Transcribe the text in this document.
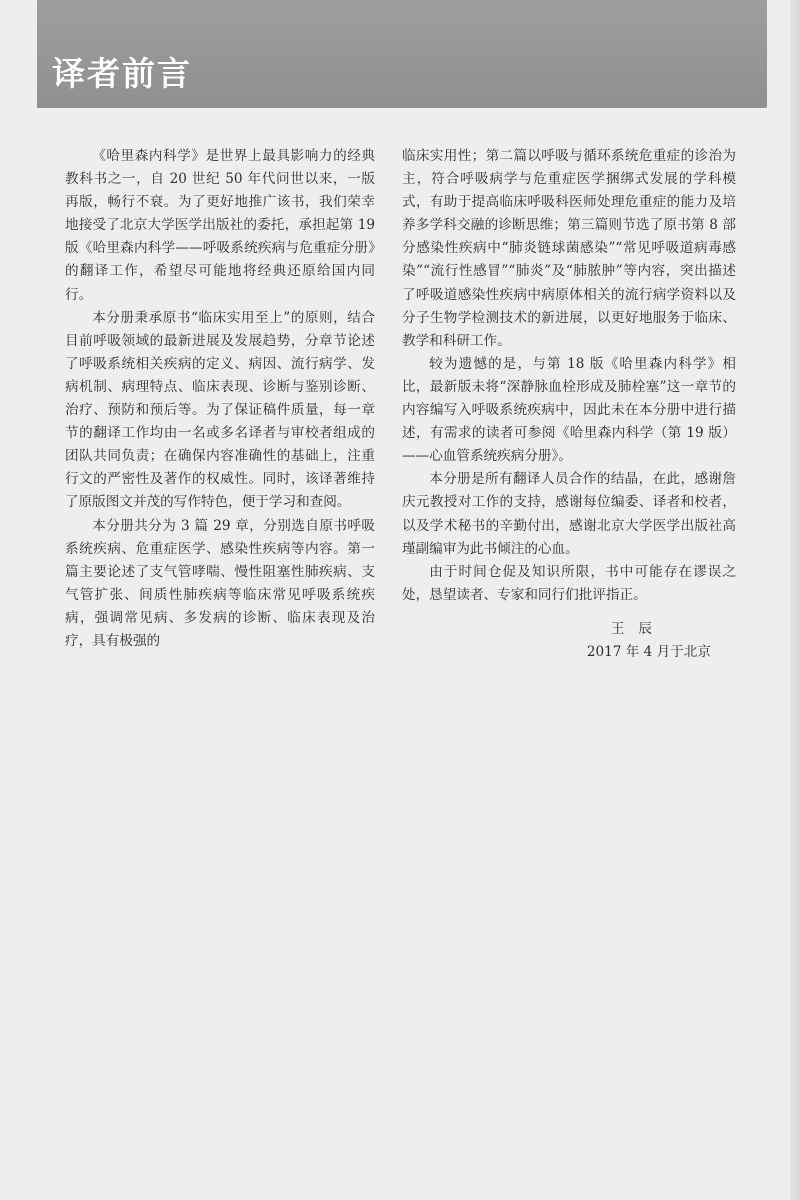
译者前言

《哈里森内科学》是世界上最具影响力的经典教科书之一，自 20 世纪 50 年代问世以来，一版再版，畅行不衰。为了更好地推广该书，我们荣幸地接受了北京大学医学出版社的委托，承担起第 19 版《哈里森内科学——呼吸系统疾病与危重症分册》的翻译工作，希望尽可能地将经典还原给国内同行。

本分册秉承原书“临床实用至上”的原则，结合目前呼吸领域的最新进展及发展趋势，分章节论述了呼吸系统相关疾病的定义、病因、流行病学、发病机制、病理特点、临床表现、诊断与鉴别诊断、治疗、预防和预后等。为了保证稿件质量，每一章节的翻译工作均由一名或多名译者与审校者组成的团队共同负责；在确保内容准确性的基础上，注重行文的严密性及著作的权威性。同时，该译著维持了原版图文并茂的写作特色，便于学习和查阅。

本分册共分为 3 篇 29 章，分别选自原书呼吸系统疾病、危重症医学、感染性疾病等内容。第一篇主要论述了支气管哮喘、慢性阻塞性肺疾病、支气管扩张、间质性肺疾病等临床常见呼吸系统疾病，强调常见病、多发病的诊断、临床表现及治疗，具有极强的

临床实用性；第二篇以呼吸与循环系统危重症的诊治为主，符合呼吸病学与危重症医学捆绑式发展的学科模式，有助于提高临床呼吸科医师处理危重症的能力及培养多学科交融的诊断思维；第三篇则节选了原书第 8 部分感染性疾病中“肺炎链球菌感染”“常见呼吸道病毒感染”“流行性感冒”“肺炎”及“肺脓肿”等内容，突出描述了呼吸道感染性疾病中病原体相关的流行病学资料以及分子生物学检测技术的新进展，以更好地服务于临床、教学和科研工作。

较为遗憾的是，与第 18 版《哈里森内科学》相比，最新版未将“深静脉血栓形成及肺栓塞”这一章节的内容编写入呼吸系统疾病中，因此未在本分册中进行描述，有需求的读者可参阅《哈里森内科学（第 19 版）——心血管系统疾病分册》。

本分册是所有翻译人员合作的结晶，在此，感谢詹庆元教授对工作的支持，感谢每位编委、译者和校者，以及学术秘书的辛勤付出，感谢北京大学医学出版社高瑾副编审为此书倾注的心血。

由于时间仓促及知识所限，书中可能存在谬误之处，恳望读者、专家和同行们批评指正。

王辰

2017 年 4 月于北京
